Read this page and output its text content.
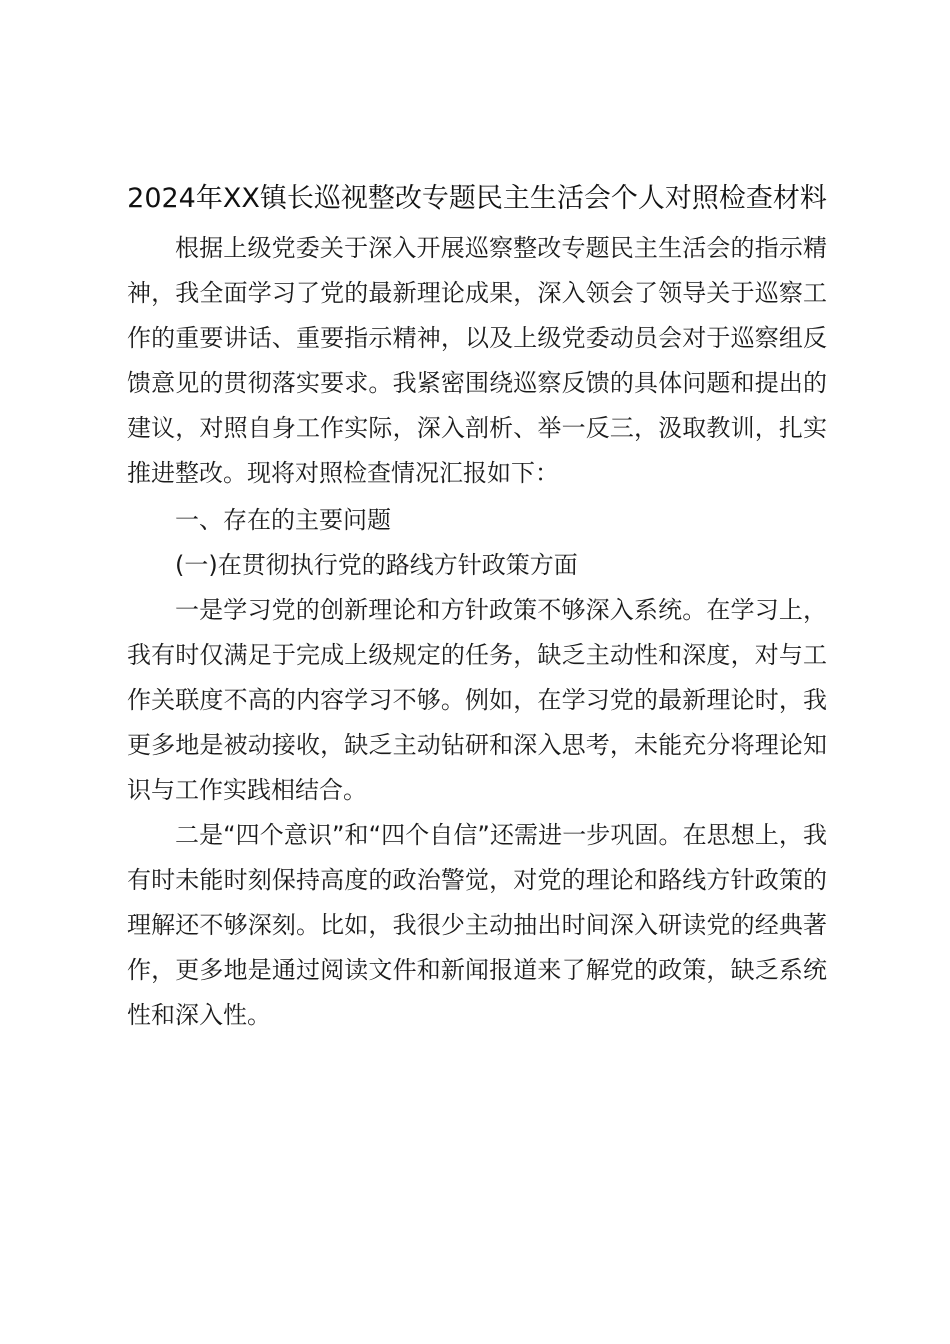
2024年XX镇长巡视整改专题民主生活会个人对照检查材料

根据上级党委关于深入开展巡察整改专题民主生活会的指示精神，我全面学习了党的最新理论成果，深入领会了领导关于巡察工作的重要讲话、重要指示精神，以及上级党委动员会对于巡察组反馈意见的贯彻落实要求。我紧密围绕巡察反馈的具体问题和提出的建议，对照自身工作实际，深入剖析、举一反三，汲取教训，扎实推进整改。现将对照检查情况汇报如下：

一、存在的主要问题

(一)在贯彻执行党的路线方针政策方面

一是学习党的创新理论和方针政策不够深入系统。在学习上，我有时仅满足于完成上级规定的任务，缺乏主动性和深度，对与工作关联度不高的内容学习不够。例如，在学习党的最新理论时，我更多地是被动接收，缺乏主动钻研和深入思考，未能充分将理论知识与工作实践相结合。

二是“四个意识”和“四个自信”还需进一步巩固。在思想上，我有时未能时刻保持高度的政治警觉，对党的理论和路线方针政策的理解还不够深刻。比如，我很少主动抽出时间深入研读党的经典著作，更多地是通过阅读文件和新闻报道来了解党的政策，缺乏系统性和深入性。
